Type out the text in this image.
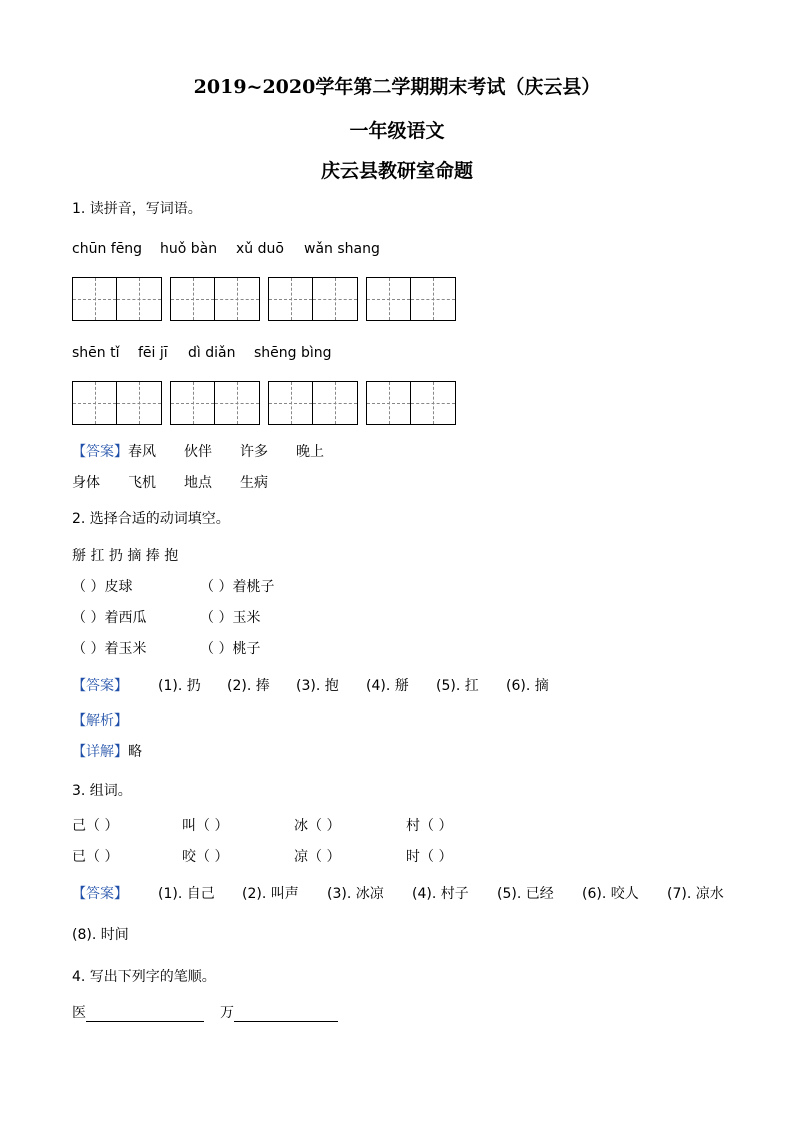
2019~2020学年第二学期期末考试（庆云县）
一年级语文
庆云县教研室命题
1. 读拼音，写词语。
chūn fēng huǒ bàn xǔ duō wǎn shang
shēn tǐ fēi jī dì diǎn shēng bìng
【答案】 春风 伙伴 许多 晚上
身体 飞机 地点 生病
2. 选择合适的动词填空。
掰 扛 扔 摘 捧 抱
（ ）皮球	（ ）着桃子
（ ）着西瓜	（ ）玉米
（ ）着玉米	（ ）桃子
【答案】 (1). 扔 (2). 捧 (3). 抱 (4). 掰 (5). 扛 (6). 摘
【解析】
【详解】略
3. 组词。
己（ ）	叫（ ）	冰（ ）	村（ ）
已（ ）	咬（ ）	凉（ ）	时（ ）
【答案】 (1). 自己 (2). 叫声 (3). 冰凉 (4). 村子 (5). 已经 (6). 咬人 (7). 凉水
(8). 时间
4. 写出下列字的笔顺。
医	万
